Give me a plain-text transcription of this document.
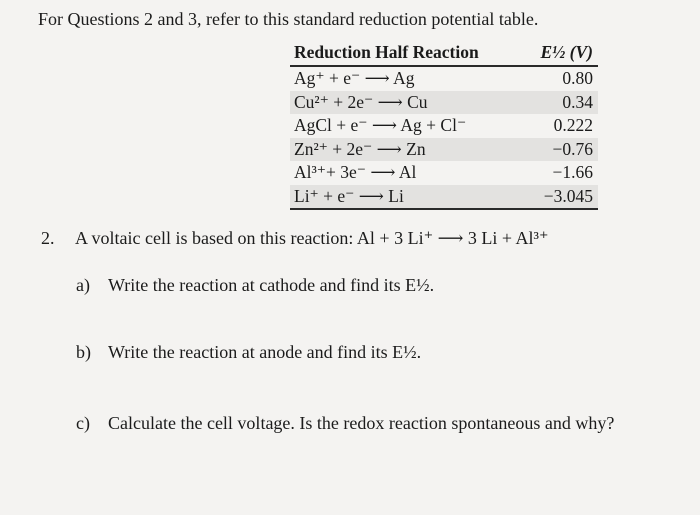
For Questions 2 and 3, refer to this standard reduction potential table.
Reduction Half Reaction	E½ (V)
Ag⁺ + e⁻ ⟶ Ag	0.80
Cu²⁺ + 2e⁻ ⟶ Cu	0.34
AgCl + e⁻ ⟶ Ag + Cl⁻	0.222
Zn²⁺ + 2e⁻ ⟶ Zn	−0.76
Al³⁺+ 3e⁻ ⟶ Al	−1.66
Li⁺ + e⁻ ⟶ Li	−3.045
2. A voltaic cell is based on this reaction: Al + 3 Li⁺ ⟶ 3 Li + Al³⁺
a) Write the reaction at cathode and find its E½.
b) Write the reaction at anode and find its E½.
c) Calculate the cell voltage. Is the redox reaction spontaneous and why?
